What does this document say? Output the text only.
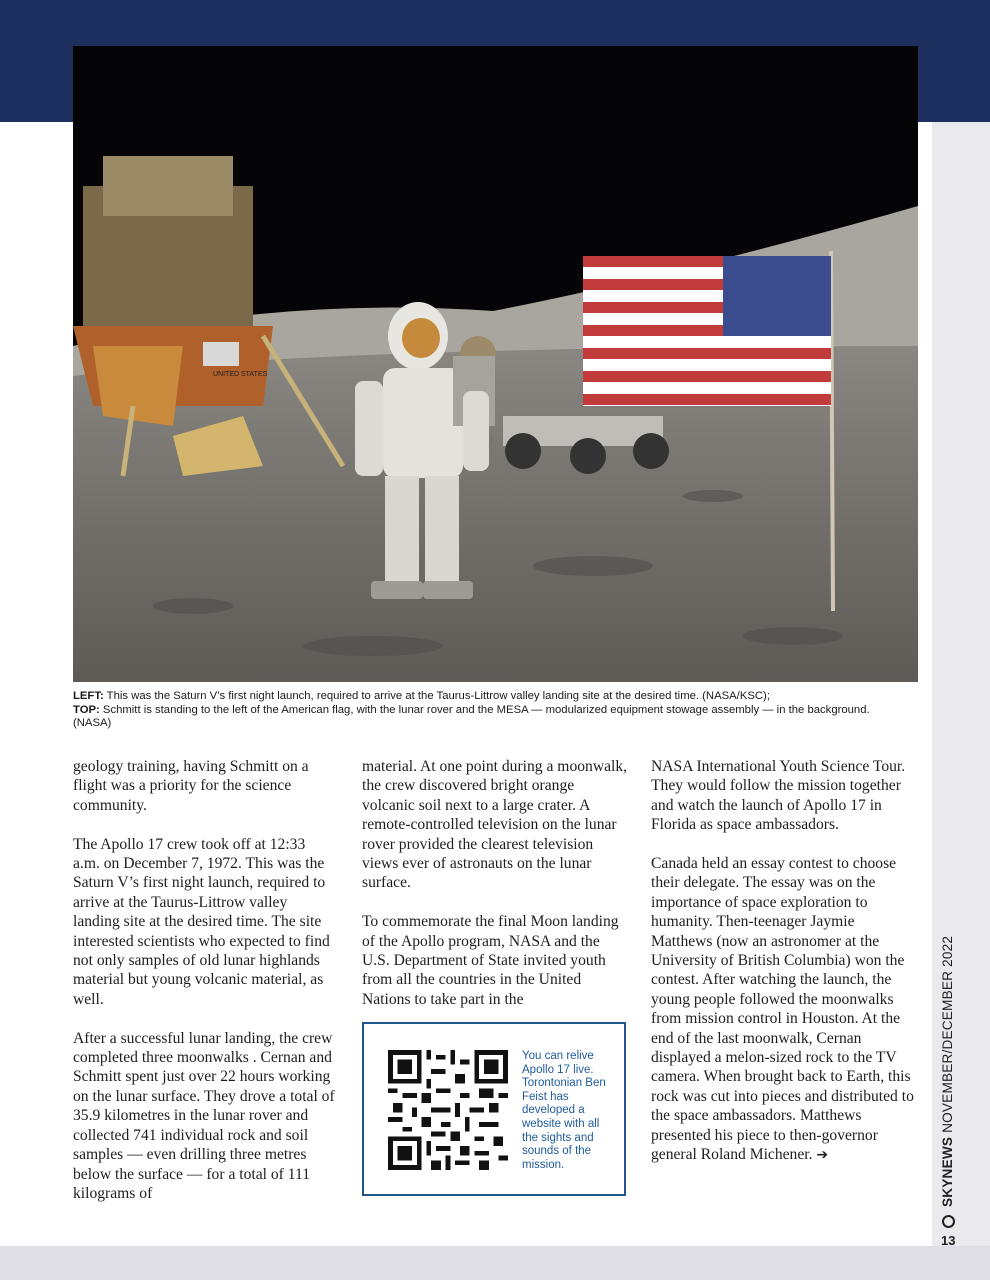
UNITED STATES
LEFT: This was the Saturn V’s first night launch, required to arrive at the Taurus-Littrow valley landing site at the desired time. (NASA/KSC);
TOP: Schmitt is standing to the left of the American flag, with the lunar rover and the MESA — modularized equipment stowage assembly — in the background. (NASA)

geology training, having Schmitt on a flight was a priority for the science community.

The Apollo 17 crew took off at 12:33 a.m. on December 7, 1972. This was the Saturn V’s first night launch, required to arrive at the Taurus-Littrow valley landing site at the desired time. The site interested scientists who expected to find not only samples of old lunar highlands material but young volcanic material, as well.

After a successful lunar landing, the crew completed three moonwalks . Cernan and Schmitt spent just over 22 hours working on the lunar surface. They drove a total of 35.9 kilometres in the lunar rover and collected 741 individual rock and soil samples — even drilling three metres below the surface — for a total of 111 kilograms of

material. At one point during a moonwalk, the crew discovered bright orange volcanic soil next to a large crater. A remote-controlled television on the lunar rover provided the clearest television views ever of astronauts on the lunar surface.

To commemorate the final Moon landing of the Apollo program, NASA and the U.S. Department of State invited youth from all the countries in the United Nations to take part in the

You can relive Apollo 17 live. Torontonian Ben Feist has developed a website with all the sights and sounds of the mission.

NASA International Youth Science Tour. They would follow the mission together and watch the launch of Apollo 17 in Florida as space ambassadors.

Canada held an essay contest to choose their delegate. The essay was on the importance of space exploration to humanity. Then-teenager Jaymie Matthews (now an astronomer at the University of British Columbia) won the contest. After watching the launch, the young people followed the moonwalks from mission control in Houston. At the end of the last moonwalk, Cernan displayed a melon-sized rock to the TV camera. When brought back to Earth, this rock was cut into pieces and distributed to the space ambassadors. Matthews presented his piece to then-governor general Roland Michener. ➔	SKYNEWS NOVEMBER/DECEMBER 2022
13
